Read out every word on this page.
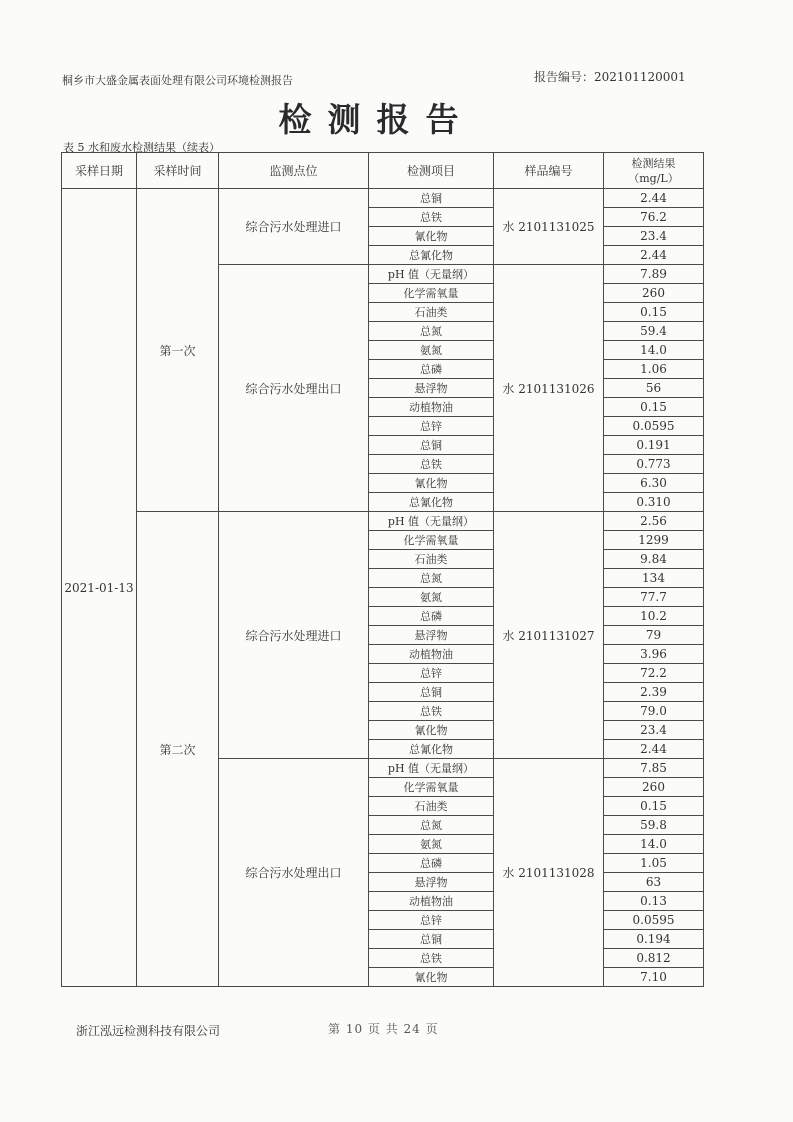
桐乡市大盛金属表面处理有限公司环境检测报告	报告编号：202101120001
检测报告
表 5 水和废水检测结果（续表）
采样日期	采样时间	监测点位	检测项目	样品编号	检测结果
（mg/L）

2021-01-13	第一次	综合污水处理进口	总铜	水 2101131025	2.44
			总铁		76.2
			氰化物		23.4
			总氰化物		2.44
		综合污水处理出口	pH 值（无量纲）	水 2101131026	7.89
			化学需氧量		260
			石油类		0.15
			总氮		59.4
			氨氮		14.0
			总磷		1.06
			悬浮物		56
			动植物油		0.15
			总锌		0.0595
			总铜		0.191
			总铁		0.773
			氰化物		6.30
			总氰化物		0.310
	第二次	综合污水处理进口	pH 值（无量纲）	水 2101131027	2.56
			化学需氧量		1299
			石油类		9.84
			总氮		134
			氨氮		77.7
			总磷		10.2
			悬浮物		79
			动植物油		3.96
			总锌		72.2
			总铜		2.39
			总铁		79.0
			氰化物		23.4
			总氰化物		2.44
		综合污水处理出口	pH 值（无量纲）	水 2101131028	7.85
			化学需氧量		260
			石油类		0.15
			总氮		59.8
			氨氮		14.0
			总磷		1.05
			悬浮物		63
			动植物油		0.13
			总锌		0.0595
			总铜		0.194
			总铁		0.812
			氰化物		7.10
浙江泓远检测科技有限公司	第 10 页 共 24 页
